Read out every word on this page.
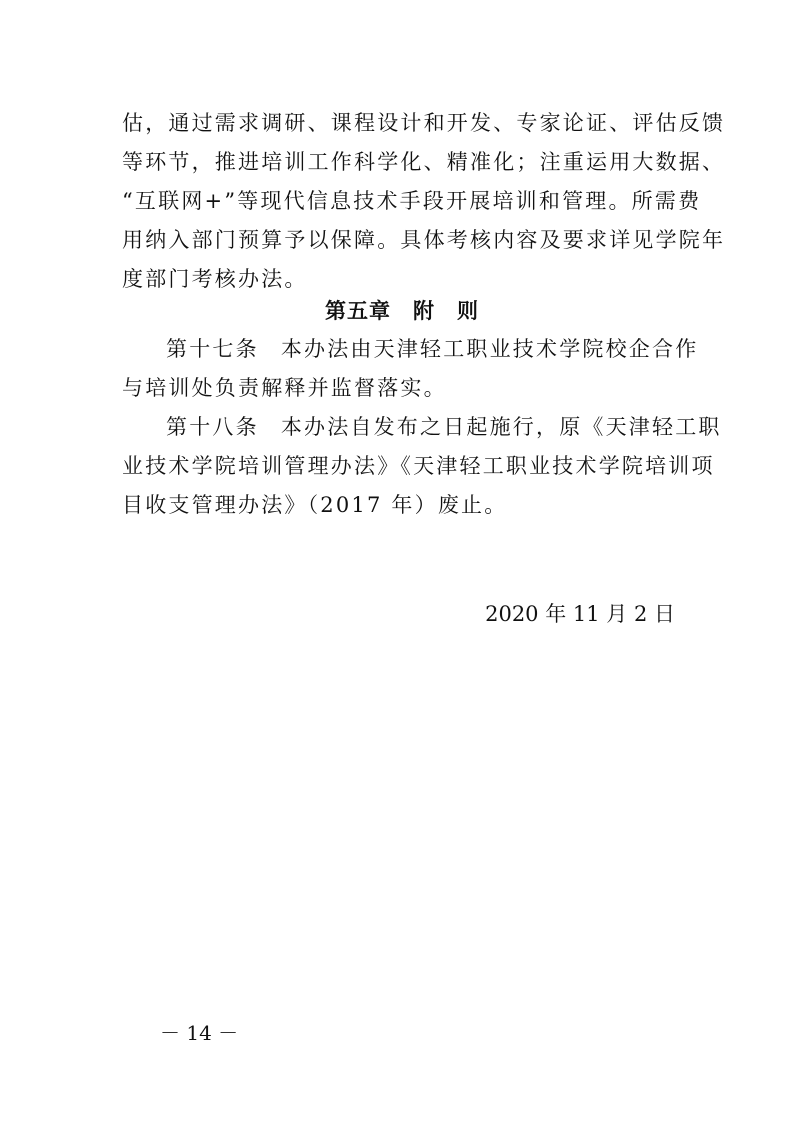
估，通过需求调研、课程设计和开发、专家论证、评估反馈
等环节，推进培训工作科学化、精准化；注重运用大数据、
“互联网+”等现代信息技术手段开展培训和管理。所需费
用纳入部门预算予以保障。具体考核内容及要求详见学院年
度部门考核办法。
第五章 附 则
第十七条 本办法由天津轻工职业技术学院校企合作
与培训处负责解释并监督落实。
第十八条 本办法自发布之日起施行，原《天津轻工职
业技术学院培训管理办法》《天津轻工职业技术学院培训项
目收支管理办法》（2017 年）废止。
2020 年 11 月 2 日
－ 14 －
